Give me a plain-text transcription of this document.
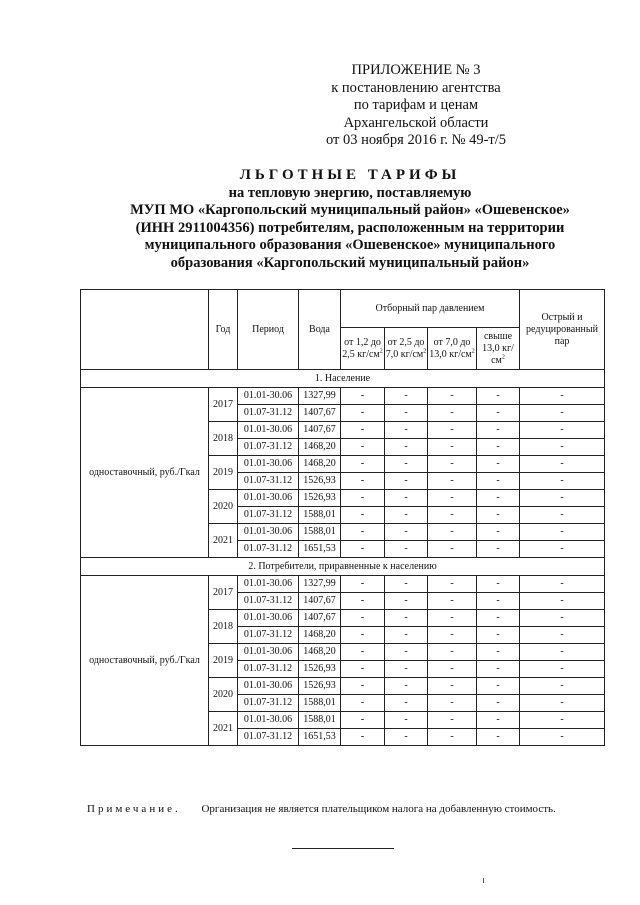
ПРИЛОЖЕНИЕ № 3
к постановлению агентства
по тарифам и ценам
Архангельской области
от 03 ноября 2016 г. № 49-т/5
ЛЬГОТНЫЕ ТАРИФЫ
на тепловую энергию, поставляемую
МУП МО «Каргопольский муниципальный район» «Ошевенское»
(ИНН 2911004356) потребителям, расположенным на территории
муниципального образования «Ошевенское» муниципального
образования «Каргопольский муниципальный район»
	Год	Период	Вода	Отборный пар давлением				Острый и редуцированный пар
				от 1,2 до 2,5 $кг/см^2$	от 2,5 до 7,0 $кг/см^2$	от 7,0 до 13,0 $кг/см^2$	свыше 13,0 $кг/см^2$
1. Население								
одноставочный, руб./Гкал	2017	01.01-30.06	1327,99	-	-	-	-	-
		01.07-31.12	1407,67	-	-	-	-	-
	2018	01.01-30.06	1407,67	-	-	-	-	-
		01.07-31.12	1468,20	-	-	-	-	-
	2019	01.01-30.06	1468,20	-	-	-	-	-
		01.07-31.12	1526,93	-	-	-	-	-
	2020	01.01-30.06	1526,93	-	-	-	-	-
		01.07-31.12	1588,01	-	-	-	-	-
	2021	01.01-30.06	1588,01	-	-	-	-	-
		01.07-31.12	1651,53	-	-	-	-	-
2. Потребители, приравненные к населению								
одноставочный, руб./Гкал	2017	01.01-30.06	1327,99	-	-	-	-	-
		01.07-31.12	1407,67	-	-	-	-	-
	2018	01.01-30.06	1407,67	-	-	-	-	-
		01.07-31.12	1468,20	-	-	-	-	-
	2019	01.01-30.06	1468,20	-	-	-	-	-
		01.07-31.12	1526,93	-	-	-	-	-
	2020	01.01-30.06	1526,93	-	-	-	-	-
		01.07-31.12	1588,01	-	-	-	-	-
	2021	01.01-30.06	1588,01	-	-	-	-	-
		01.07-31.12	1651,53	-	-	-	-	-
Примечание. Организация не является плательщиком налога на добавленную стоимость.
